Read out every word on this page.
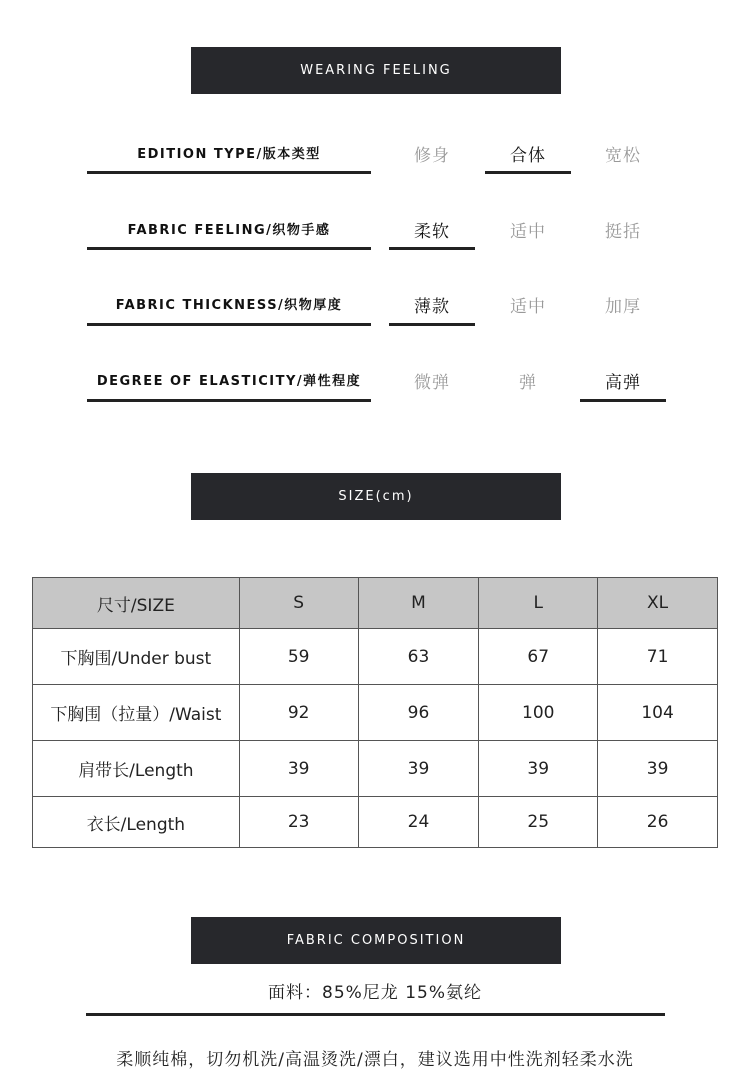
WEARING FEELING
EDITION TYPE/版本类型	修身	合体	宽松
FABRIC FEELING/织物手感	柔软	适中	挺括
FABRIC THICKNESS/织物厚度	薄款	适中	加厚
DEGREE OF ELASTICITY/弹性程度	微弹	弹	高弹
SIZE(cm)
尺寸/SIZE	S	M	L	XL
下胸围/Under bust	59	63	67	71
下胸围（拉量）/Waist	92	96	100	104
肩带长/Length	39	39	39	39
衣长/Length	23	24	25	26
FABRIC COMPOSITION
面料：85%尼龙 15%氨纶
柔顺纯棉，切勿机洗/高温烫洗/漂白，建议选用中性洗剂轻柔水洗
